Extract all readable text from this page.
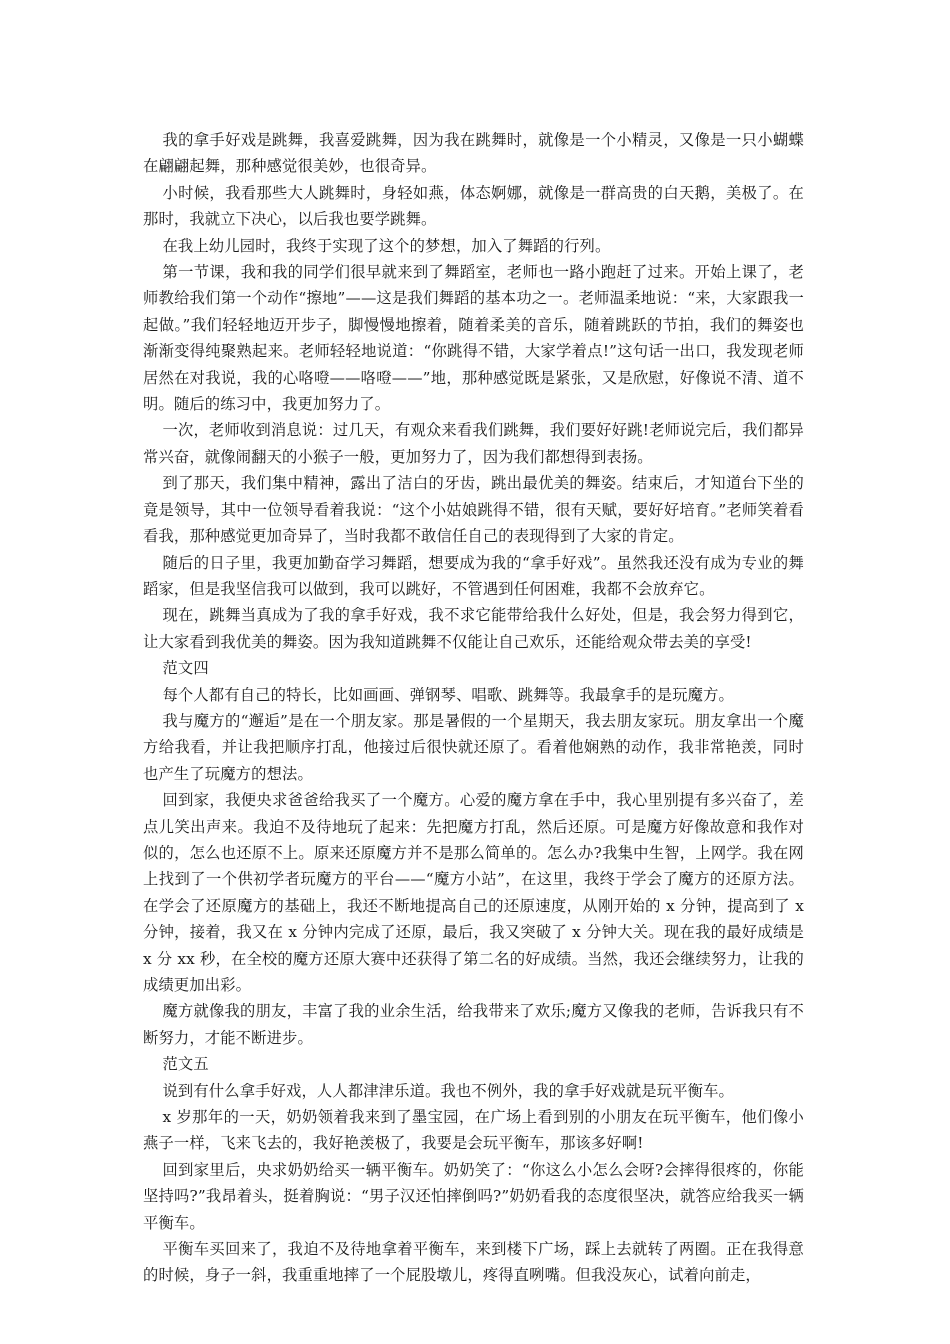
我的拿手好戏是跳舞，我喜爱跳舞，因为我在跳舞时，就像是一个小精灵，又像是一只小蝴蝶在翩翩起舞，那种感觉很美妙，也很奇异。

小时候，我看那些大人跳舞时，身轻如燕，体态婀娜，就像是一群高贵的白天鹅，美极了。在那时，我就立下决心，以后我也要学跳舞。

在我上幼儿园时，我终于实现了这个的梦想，加入了舞蹈的行列。

第一节课，我和我的同学们很早就来到了舞蹈室，老师也一路小跑赶了过来。开始上课了，老师教给我们第一个动作“擦地”——这是我们舞蹈的基本功之一。老师温柔地说：“来，大家跟我一起做。”我们轻轻地迈开步子，脚慢慢地擦着，随着柔美的音乐，随着跳跃的节拍，我们的舞姿也渐渐变得纯聚熟起来。老师轻轻地说道：“你跳得不错，大家学着点!”这句话一出口，我发现老师居然在对我说，我的心咯噔——咯噔——”地，那种感觉既是紧张，又是欣慰，好像说不清、道不明。随后的练习中，我更加努力了。

一次，老师收到消息说：过几天，有观众来看我们跳舞，我们要好好跳!老师说完后，我们都异常兴奋，就像闹翻天的小猴子一般，更加努力了，因为我们都想得到表扬。

到了那天，我们集中精神，露出了洁白的牙齿，跳出最优美的舞姿。结束后，才知道台下坐的竟是领导，其中一位领导看着我说：“这个小姑娘跳得不错，很有天赋，要好好培育。”老师笑着看看我，那种感觉更加奇异了，当时我都不敢信任自己的表现得到了大家的肯定。

随后的日子里，我更加勤奋学习舞蹈，想要成为我的“拿手好戏”。虽然我还没有成为专业的舞蹈家，但是我坚信我可以做到，我可以跳好，不管遇到任何困难，我都不会放弃它。

现在，跳舞当真成为了我的拿手好戏，我不求它能带给我什么好处，但是，我会努力得到它，让大家看到我优美的舞姿。因为我知道跳舞不仅能让自己欢乐，还能给观众带去美的享受!

范文四

每个人都有自己的特长，比如画画、弹钢琴、唱歌、跳舞等。我最拿手的是玩魔方。

我与魔方的“邂逅”是在一个朋友家。那是暑假的一个星期天，我去朋友家玩。朋友拿出一个魔方给我看，并让我把顺序打乱，他接过后很快就还原了。看着他娴熟的动作，我非常艳羡，同时也产生了玩魔方的想法。

回到家，我便央求爸爸给我买了一个魔方。心爱的魔方拿在手中，我心里别提有多兴奋了，差点儿笑出声来。我迫不及待地玩了起来：先把魔方打乱，然后还原。可是魔方好像故意和我作对似的，怎么也还原不上。原来还原魔方并不是那么简单的。怎么办?我集中生智，上网学。我在网上找到了一个供初学者玩魔方的平台——“魔方小站”，在这里，我终于学会了魔方的还原方法。在学会了还原魔方的基础上，我还不断地提高自己的还原速度，从刚开始的 x 分钟，提高到了 x 分钟，接着，我又在 x 分钟内完成了还原，最后，我又突破了 x 分钟大关。现在我的最好成绩是 x 分 xx 秒，在全校的魔方还原大赛中还获得了第二名的好成绩。当然，我还会继续努力，让我的成绩更加出彩。

魔方就像我的朋友，丰富了我的业余生活，给我带来了欢乐;魔方又像我的老师，告诉我只有不断努力，才能不断进步。

范文五

说到有什么拿手好戏，人人都津津乐道。我也不例外，我的拿手好戏就是玩平衡车。

x 岁那年的一天，奶奶领着我来到了墨宝园，在广场上看到别的小朋友在玩平衡车，他们像小燕子一样，飞来飞去的，我好艳羡极了，我要是会玩平衡车，那该多好啊!

回到家里后，央求奶奶给买一辆平衡车。奶奶笑了：“你这么小怎么会呀?会摔得很疼的，你能坚持吗?”我昂着头，挺着胸说：“男子汉还怕摔倒吗?”奶奶看我的态度很坚决，就答应给我买一辆平衡车。

平衡车买回来了，我迫不及待地拿着平衡车，来到楼下广场，踩上去就转了两圈。正在我得意的时候，身子一斜，我重重地摔了一个屁股墩儿，疼得直咧嘴。但我没灰心，试着向前走，
